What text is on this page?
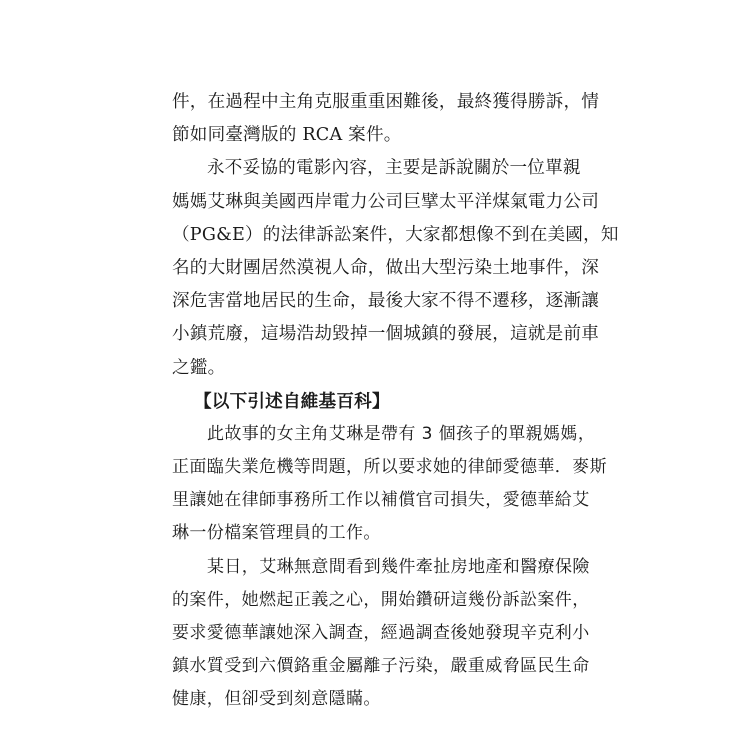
件，在過程中主角克服重重困難後，最終獲得勝訴，情
節如同臺灣版的 RCA 案件。
永不妥協的電影內容，主要是訴說關於一位單親
媽媽艾琳與美國西岸電力公司巨擘太平洋煤氣電力公司
（PG&E）的法律訴訟案件，大家都想像不到在美國，知
名的大財團居然漠視人命，做出大型污染土地事件，深
深危害當地居民的生命，最後大家不得不遷移，逐漸讓
小鎮荒廢，這場浩劫毀掉一個城鎮的發展，這就是前車
之鑑。
【以下引述自維基百科】
此故事的女主角艾琳是帶有 3 個孩子的單親媽媽，
正面臨失業危機等問題，所以要求她的律師愛德華．麥斯
里讓她在律師事務所工作以補償官司損失，愛德華給艾
琳一份檔案管理員的工作。
某日，艾琳無意間看到幾件牽扯房地產和醫療保險
的案件，她燃起正義之心，開始鑽研這幾份訴訟案件，
要求愛德華讓她深入調查，經過調查後她發現辛克利小
鎮水質受到六價鉻重金屬離子污染，嚴重威脅區民生命
健康，但卻受到刻意隱瞞。
